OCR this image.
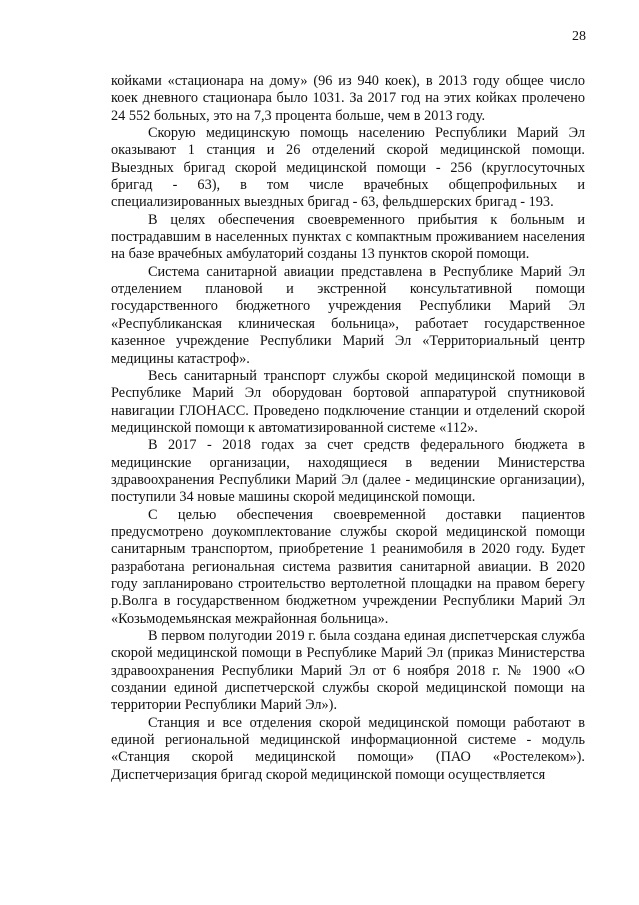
28

койками «стационара на дому» (96 из 940 коек), в 2013 году общее число коек дневного стационара было 1031. За 2017 год на этих койках пролечено 24 552 больных, это на 7,3 процента больше, чем в 2013 году.

Скорую медицинскую помощь населению Республики Марий Эл оказывают 1 станция и 26 отделений скорой медицинской помощи. Выездных бригад скорой медицинской помощи - 256 (круглосуточных бригад - 63), в том числе врачебных общепрофильных и специализированных выездных бригад - 63, фельдшерских бригад - 193.

В целях обеспечения своевременного прибытия к больным и пострадавшим в населенных пунктах с компактным проживанием населения на базе врачебных амбулаторий созданы 13 пунктов скорой помощи.

Система санитарной авиации представлена в Республике Марий Эл отделением плановой и экстренной консультативной помощи государственного бюджетного учреждения Республики Марий Эл «Республиканская клиническая больница», работает государственное казенное учреждение Республики Марий Эл «Территориальный центр медицины катастроф».

Весь санитарный транспорт службы скорой медицинской помощи в Республике Марий Эл оборудован бортовой аппаратурой спутниковой навигации ГЛОНАСС. Проведено подключение станции и отделений скорой медицинской помощи к автоматизированной системе «112».

В 2017 - 2018 годах за счет средств федерального бюджета в медицинские организации, находящиеся в ведении Министерства здравоохранения Республики Марий Эл (далее - медицинские организации), поступили 34 новые машины скорой медицинской помощи.

С целью обеспечения своевременной доставки пациентов предусмотрено доукомплектование службы скорой медицинской помощи санитарным транспортом, приобретение 1 реанимобиля в 2020 году. Будет разработана региональная система развития санитарной авиации. В 2020 году запланировано строительство вертолетной площадки на правом берегу р.Волга в государственном бюджетном учреждении Республики Марий Эл «Козьмодемьянская межрайонная больница».

В первом полугодии 2019 г. была создана единая диспетчерская служба скорой медицинской помощи в Республике Марий Эл (приказ Министерства здравоохранения Республики Марий Эл от 6 ноября 2018 г. № 1900 «О создании единой диспетчерской службы скорой медицинской помощи на территории Республики Марий Эл»).

Станция и все отделения скорой медицинской помощи работают в единой региональной медицинской информационной системе - модуль «Станция скорой медицинской помощи» (ПАО «Ростелеком»). Диспетчеризация бригад скорой медицинской помощи осуществляется
